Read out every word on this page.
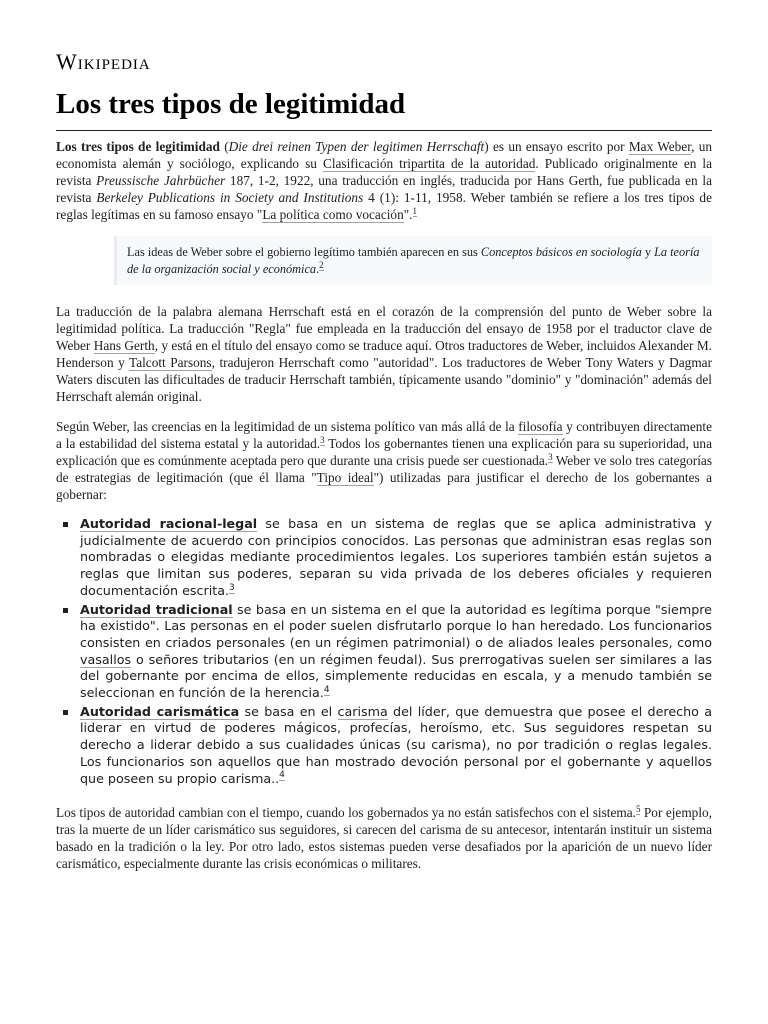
Wikipedia
Los tres tipos de legitimidad

Los tres tipos de legitimidad (Die drei reinen Typen der legitimen Herrschaft) es un ensayo escrito por Max Weber, un economista alemán y sociólogo, explicando su Clasificación tripartita de la autoridad. Publicado originalmente en la revista Preussische Jahrbücher 187, 1-2, 1922, una traducción en inglés, traducida por Hans Gerth, fue publicada en la revista Berkeley Publications in Society and Institutions 4 (1): 1-11, 1958. Weber también se refiere a los tres tipos de reglas legítimas en su famoso ensayo "La política como vocación".$^1$

Las ideas de Weber sobre el gobierno legítimo también aparecen en sus Conceptos básicos en sociología y La teoría de la organización social y económica.$^2$

La traducción de la palabra alemana Herrschaft está en el corazón de la comprensión del punto de Weber sobre la legitimidad política. La traducción "Regla" fue empleada en la traducción del ensayo de 1958 por el traductor clave de Weber Hans Gerth, y está en el título del ensayo como se traduce aquí. Otros traductores de Weber, incluidos Alexander M. Henderson y Talcott Parsons, tradujeron Herrschaft como "autoridad". Los traductores de Weber Tony Waters y Dagmar Waters discuten las dificultades de traducir Herrschaft también, típicamente usando "dominio" y "dominación" además del Herrschaft alemán original.

Según Weber, las creencias en la legitimidad de un sistema político van más allá de la filosofía y contribuyen directamente a la estabilidad del sistema estatal y la autoridad.$^3$ Todos los gobernantes tienen una explicación para su superioridad, una explicación que es comúnmente aceptada pero que durante una crisis puede ser cuestionada.$^3$ Weber ve solo tres categorías de estrategias de legitimación (que él llama "Tipo ideal") utilizadas para justificar el derecho de los gobernantes a gobernar:

Autoridad racional-legal se basa en un sistema de reglas que se aplica administrativa y judicialmente de acuerdo con principios conocidos. Las personas que administran esas reglas son nombradas o elegidas mediante procedimientos legales. Los superiores también están sujetos a reglas que limitan sus poderes, separan su vida privada de los deberes oficiales y requieren documentación escrita.$^3$
Autoridad tradicional se basa en un sistema en el que la autoridad es legítima porque "siempre ha existido". Las personas en el poder suelen disfrutarlo porque lo han heredado. Los funcionarios consisten en criados personales (en un régimen patrimonial) o de aliados leales personales, como vasallos o señores tributarios (en un régimen feudal). Sus prerrogativas suelen ser similares a las del gobernante por encima de ellos, simplemente reducidas en escala, y a menudo también se seleccionan en función de la herencia.$^4$
Autoridad carismática se basa en el carisma del líder, que demuestra que posee el derecho a liderar en virtud de poderes mágicos, profecías, heroísmo, etc. Sus seguidores respetan su derecho a liderar debido a sus cualidades únicas (su carisma), no por tradición o reglas legales. Los funcionarios son aquellos que han mostrado devoción personal por el gobernante y aquellos que poseen su propio carisma..$^4$

Los tipos de autoridad cambian con el tiempo, cuando los gobernados ya no están satisfechos con el sistema.$^5$ Por ejemplo, tras la muerte de un líder carismático sus seguidores, si carecen del carisma de su antecesor, intentarán instituir un sistema basado en la tradición o la ley. Por otro lado, estos sistemas pueden verse desafiados por la aparición de un nuevo líder carismático, especialmente durante las crisis económicas o militares.
